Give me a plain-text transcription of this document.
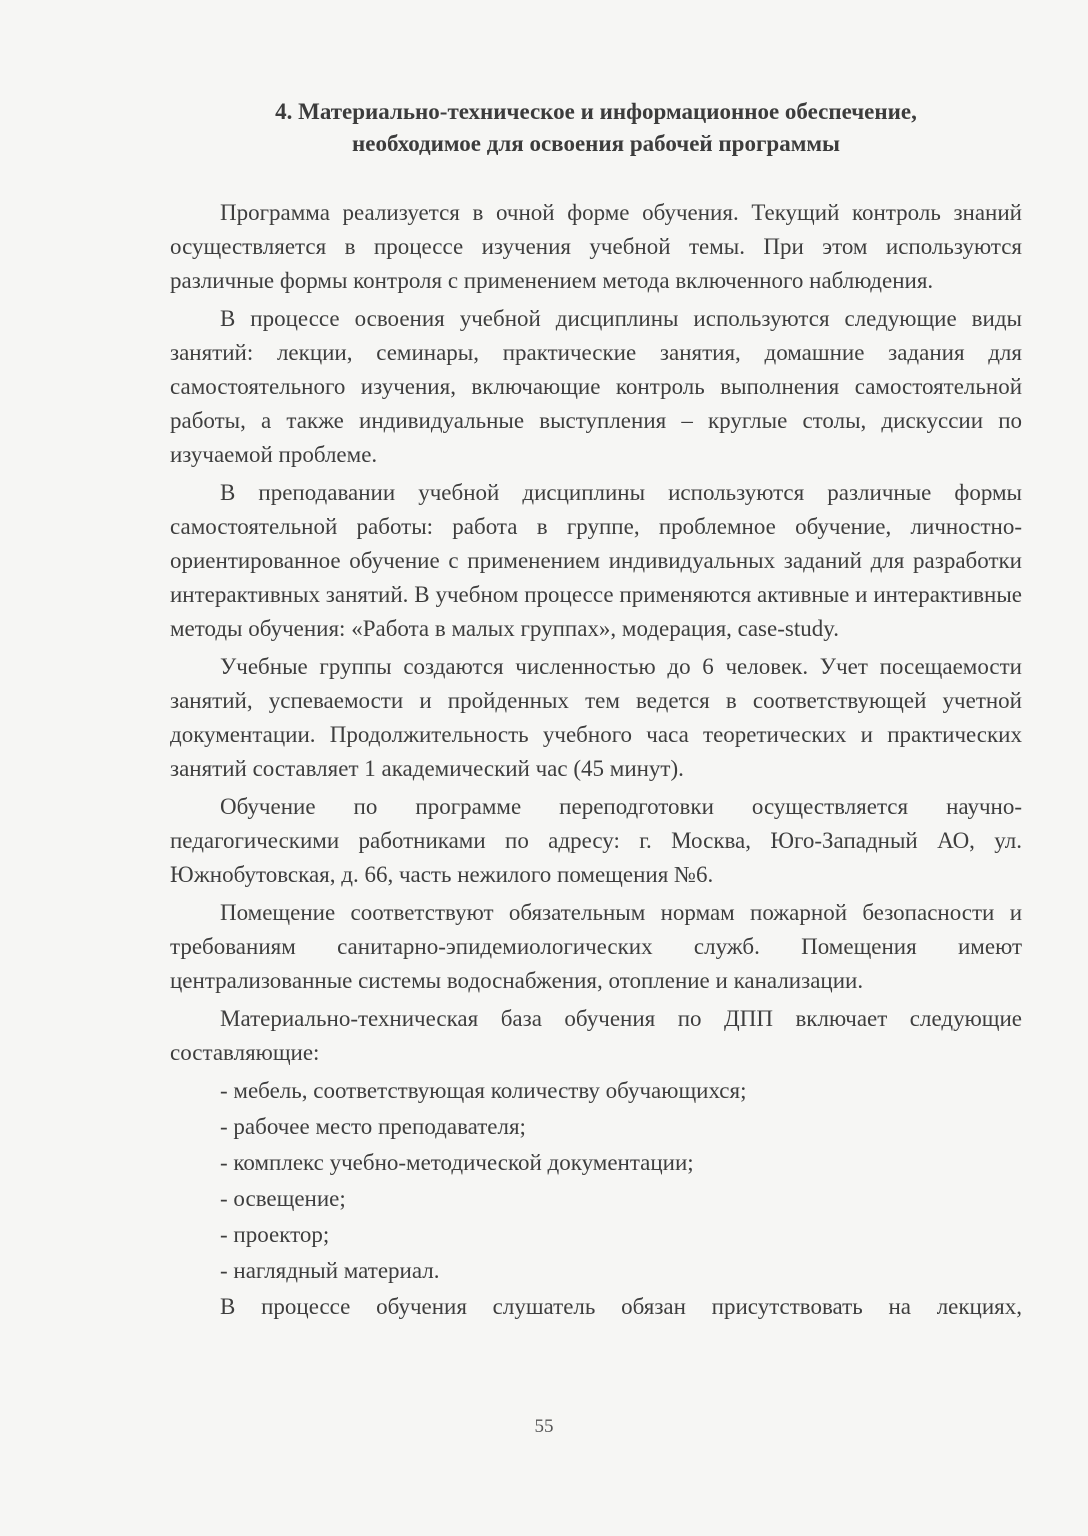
4. Материально-техническое и информационное обеспечение,
необходимое для освоения рабочей программы

Программа реализуется в очной форме обучения. Текущий контроль знаний осуществляется в процессе изучения учебной темы. При этом используются различные формы контроля с применением метода включенного наблюдения.

В процессе освоения учебной дисциплины используются следующие виды занятий: лекции, семинары, практические занятия, домашние задания для самостоятельного изучения, включающие контроль выполнения самостоятельной работы, а также индивидуальные выступления – круглые столы, дискуссии по изучаемой проблеме.

В преподавании учебной дисциплины используются различные формы самостоятельной работы: работа в группе, проблемное обучение, личностно-ориентированное обучение с применением индивидуальных заданий для разработки интерактивных занятий. В учебном процессе применяются активные и интерактивные методы обучения: «Работа в малых группах», модерация, case-study.

Учебные группы создаются численностью до 6 человек. Учет посещаемости занятий, успеваемости и пройденных тем ведется в соответствующей учетной документации. Продолжительность учебного часа теоретических и практических занятий составляет 1 академический час (45 минут).

Обучение по программе переподготовки осуществляется научно-педагогическими работниками по адресу: г. Москва, Юго-Западный АО, ул. Южнобутовская, д. 66, часть нежилого помещения №6.

Помещение соответствуют обязательным нормам пожарной безопасности и требованиям санитарно-эпидемиологических служб. Помещения имеют централизованные системы водоснабжения, отопление и канализации.

Материально-техническая база обучения по ДПП включает следующие составляющие:

- мебель, соответствующая количеству обучающихся;
- рабочее место преподавателя;
- комплекс учебно-методической документации;
- освещение;
- проектор;
- наглядный материал.

В процессе обучения слушатель обязан присутствовать на лекциях,

55
